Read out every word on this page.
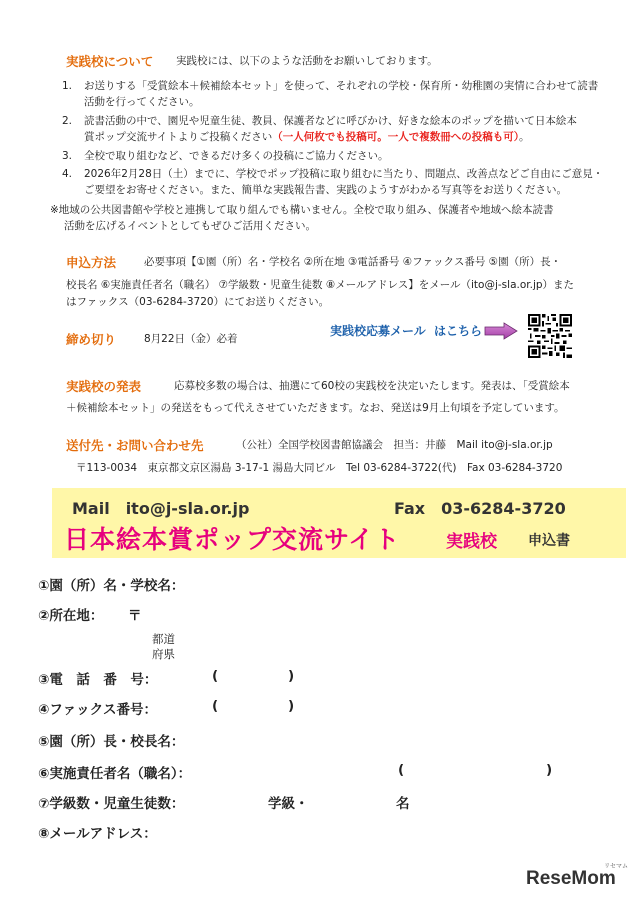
実践校について 実践校には、以下のような活動をお願いしております。
1. お送りする「受賞絵本＋候補絵本セット」を使って、それぞれの学校・保育所・幼稚園の実情に合わせて読書
活動を行ってください。
2. 読書活動の中で、園児や児童生徒、教員、保護者などに呼びかけ、好きな絵本のポップを描いて日本絵本
賞ポップ交流サイトよりご投稿ください（一人何枚でも投稿可。一人で複数冊への投稿も可）。
3. 全校で取り組むなど、できるだけ多くの投稿にご協力ください。
4. 2026年2月28日（土）までに、学校でポップ投稿に取り組むに当たり、問題点、改善点などご自由にご意見・
ご要望をお寄せください。また、簡単な実践報告書、実践のようすがわかる写真等をお送りください。
※地域の公共図書館や学校と連携して取り組んでも構いません。全校で取り組み、保護者や地域へ絵本読書
活動を広げるイベントとしてもぜひご活用ください。
申込方法	必要事項【①園（所）名・学校名 ②所在地 ③電話番号 ④ファックス番号 ⑤園（所）長・
校長名 ⑥実施責任者名（職名） ⑦学級数・児童生徒数 ⑧メールアドレス】をメール（ito@j-sla.or.jp）また
はファックス（03-6284-3720）にてお送りください。
締め切り	8月22日（金）必着
実践校応募メール はこちら
実践校の発表	応募校多数の場合は、抽選にて60校の実践校を決定いたします。発表は、「受賞絵本
＋候補絵本セット」の発送をもって代えさせていただきます。なお、発送は9月上旬頃を予定しています。
送付先・お問い合わせ先	（公社）全国学校図書館協議会　担当：井藤　Mail ito@j-sla.or.jp
〒113-0034　東京都文京区湯島 3-17-1 湯島大同ビル　Tel 03-6284-3722(代)　Fax 03-6284-3720
Mail　ito@j-sla.or.jp	Fax　03-6284-3720
日本絵本賞ポップ交流サイト	実践校 申込書
①園（所）名・学校名：
②所在地： 〒
都道
府県
③電　話　番　号：	(	)
④ファックス番号：	(	)
⑤園（所）長・校長名：
⑥実施責任者名（職名）：	(	)
⑦学級数・児童生徒数：	学級・	名
⑧メールアドレス：
ReseMom
リセマム
